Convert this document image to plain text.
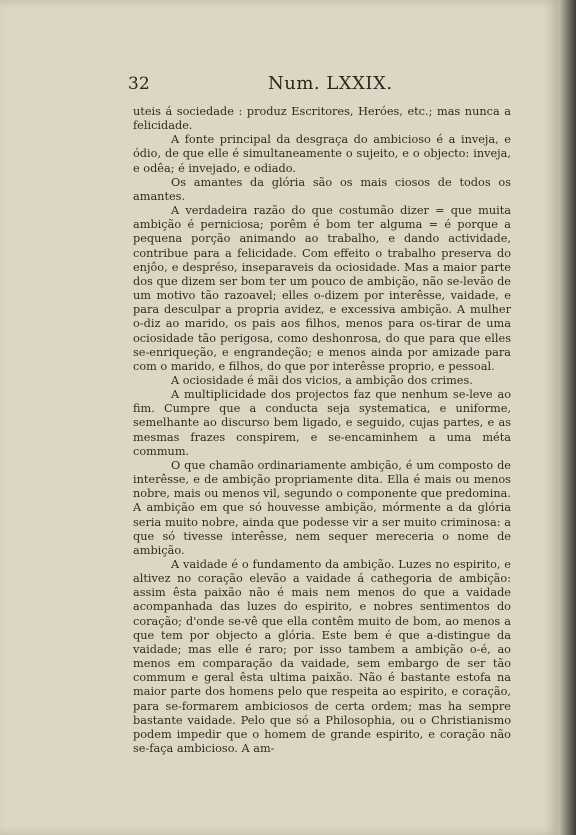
32	Num. LXXIX.

uteis á sociedade : produz Escritores, Heróes, etc.; mas nunca a felicidade.

A fonte principal da desgraça do ambicioso é a inveja, e ódio, de que elle é simultaneamente o sujeito, e o objecto: inveja, e odêa; é invejado, e odiado.

Os amantes da glória são os mais ciosos de todos os amantes.

A verdadeira razão do que costumão dizer = que muita ambição é perniciosa; porêm é bom ter alguma = é porque a pequena porção animando ao trabalho, e dando actividade, contribue para a felicidade. Com effeito o trabalho preserva do enjôo, e despréso, inseparaveis da ociosidade. Mas a maior parte dos que dizem ser bom ter um pouco de ambição, não se-levão de um motivo tão razoavel; elles o-dizem por interêsse, vaidade, e para desculpar a propria avidez, e excessiva ambição. A mulher o-diz ao marido, os pais aos filhos, menos para os-tirar de uma ociosidade tão perigosa, como deshonrosa, do que para que elles se-enriqueção, e engrandeção; e menos ainda por amizade para com o marido, e filhos, do que por interêsse proprio, e pessoal.

A ociosidade é mãi dos vicios, a ambição dos crimes.

A multiplicidade dos projectos faz que nenhum se-leve ao fim. Cumpre que a conducta seja systematica, e uniforme, semelhante ao discurso bem ligado, e seguido, cujas partes, e as mesmas frazes conspirem, e se-encaminhem a uma méta commum.

O que chamão ordinariamente ambição, é um composto de interêsse, e de ambição propriamente dita. Ella é mais ou menos nobre, mais ou menos vil, segundo o componente que predomina. A ambição em que só houvesse ambição, mórmente a da glória seria muito nobre, ainda que podesse vir a ser muito criminosa: a que só tivesse interêsse, nem sequer mereceria o nome de ambição.

A vaidade é o fundamento da ambição. Luzes no espirito, e altivez no coração elevão a vaidade á cathegoria de ambição: assim êsta paixão não é mais nem menos do que a vaidade acompanhada das luzes do espirito, e nobres sentimentos do coração; d'onde se-vê que ella contêm muito de bom, ao menos a que tem por objecto a glória. Este bem é que a-distingue da vaidade; mas elle é raro; por isso tambem a ambição o-é, ao menos em comparação da vaidade, sem embargo de ser tão commum e geral êsta ultima paixão. Não é bastante estofa na maior parte dos homens pelo que respeita ao espirito, e coração, para se-formarem ambiciosos de certa ordem; mas ha sempre bastante vaidade. Pelo que só a Philosophia, ou o Christianismo podem impedir que o homem de grande espirito, e coração não se-faça ambicioso. A am-
